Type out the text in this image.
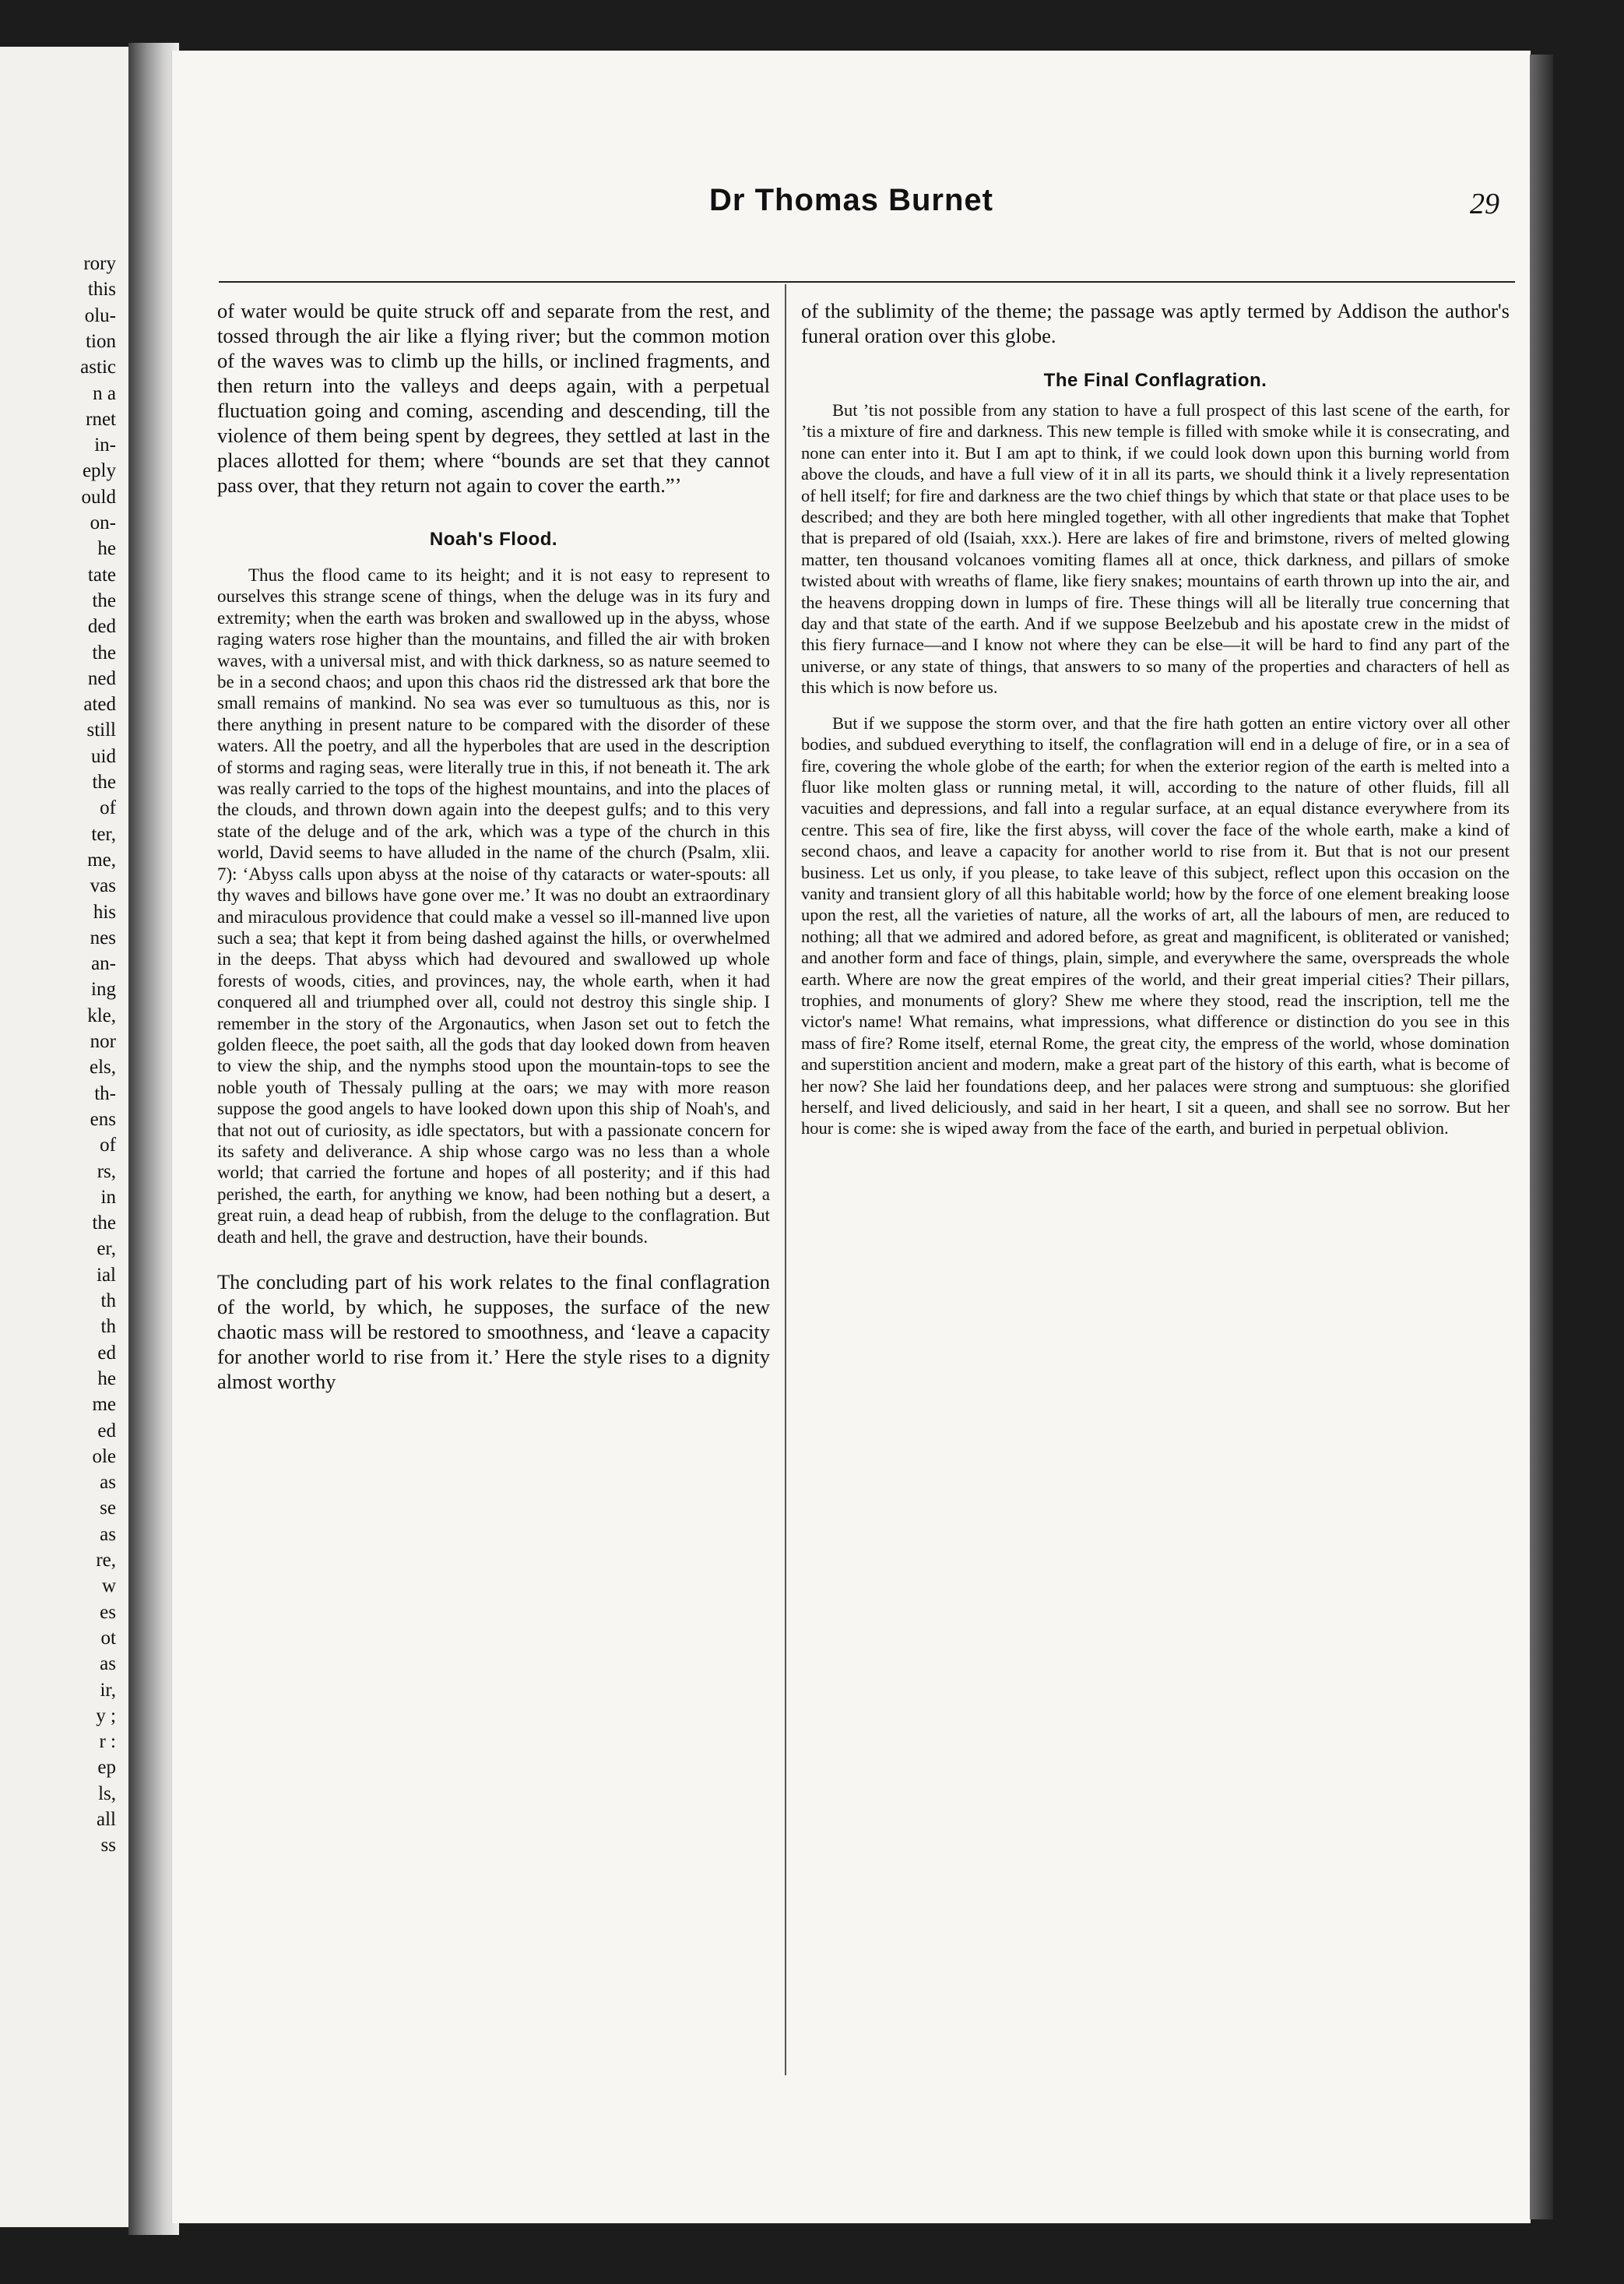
rory
this
olu-
tion
astic
n a
rnet
in-
eply
ould
on-
he
tate
the
ded
the
ned
ated
still
uid
the
of
ter,
me,
vas
his
nes
an-
ing
kle,
nor
els,
th-
ens
of
rs,
in
the
er,
ial
th
th
ed
he
me
ed
ole
as
se
as
re,
w
es
ot
as
ir,
y ;
r :
ep
ls,
all
ss
Dr Thomas Burnet	29

of water would be quite struck off and separate from the rest, and tossed through the air like a flying river; but the common motion of the waves was to climb up the hills, or inclined fragments, and then return into the valleys and deeps again, with a perpetual fluctuation going and coming, ascending and descending, till the violence of them being spent by degrees, they settled at last in the places allotted for them; where “bounds are set that they cannot pass over, that they return not again to cover the earth.”’

Noah's Flood.

Thus the flood came to its height; and it is not easy to represent to ourselves this strange scene of things, when the deluge was in its fury and extremity; when the earth was broken and swallowed up in the abyss, whose raging waters rose higher than the mountains, and filled the air with broken waves, with a universal mist, and with thick darkness, so as nature seemed to be in a second chaos; and upon this chaos rid the distressed ark that bore the small remains of mankind. No sea was ever so tumultuous as this, nor is there anything in present nature to be compared with the disorder of these waters. All the poetry, and all the hyperboles that are used in the description of storms and raging seas, were literally true in this, if not beneath it. The ark was really carried to the tops of the highest mountains, and into the places of the clouds, and thrown down again into the deepest gulfs; and to this very state of the deluge and of the ark, which was a type of the church in this world, David seems to have alluded in the name of the church (Psalm, xlii. 7): ‘Abyss calls upon abyss at the noise of thy cataracts or water-spouts: all thy waves and billows have gone over me.’ It was no doubt an extraordinary and miraculous providence that could make a vessel so ill-manned live upon such a sea; that kept it from being dashed against the hills, or overwhelmed in the deeps. That abyss which had devoured and swallowed up whole forests of woods, cities, and provinces, nay, the whole earth, when it had conquered all and triumphed over all, could not destroy this single ship. I remember in the story of the Argonautics, when Jason set out to fetch the golden fleece, the poet saith, all the gods that day looked down from heaven to view the ship, and the nymphs stood upon the mountain-tops to see the noble youth of Thessaly pulling at the oars; we may with more reason suppose the good angels to have looked down upon this ship of Noah's, and that not out of curiosity, as idle spectators, but with a passionate concern for its safety and deliverance. A ship whose cargo was no less than a whole world; that carried the fortune and hopes of all posterity; and if this had perished, the earth, for anything we know, had been nothing but a desert, a great ruin, a dead heap of rubbish, from the deluge to the conflagration. But death and hell, the grave and destruction, have their bounds.

The concluding part of his work relates to the final conflagration of the world, by which, he supposes, the surface of the new chaotic mass will be restored to smoothness, and ‘leave a capacity for another world to rise from it.’ Here the style rises to a dignity almost worthy

of the sublimity of the theme; the passage was aptly termed by Addison the author's funeral oration over this globe.

The Final Conflagration.

But ’tis not possible from any station to have a full prospect of this last scene of the earth, for ’tis a mixture of fire and darkness. This new temple is filled with smoke while it is consecrating, and none can enter into it. But I am apt to think, if we could look down upon this burning world from above the clouds, and have a full view of it in all its parts, we should think it a lively representation of hell itself; for fire and darkness are the two chief things by which that state or that place uses to be described; and they are both here mingled together, with all other ingredients that make that Tophet that is prepared of old (Isaiah, xxx.). Here are lakes of fire and brimstone, rivers of melted glowing matter, ten thousand volcanoes vomiting flames all at once, thick darkness, and pillars of smoke twisted about with wreaths of flame, like fiery snakes; mountains of earth thrown up into the air, and the heavens dropping down in lumps of fire. These things will all be literally true concerning that day and that state of the earth. And if we suppose Beelzebub and his apostate crew in the midst of this fiery furnace—and I know not where they can be else—it will be hard to find any part of the universe, or any state of things, that answers to so many of the properties and characters of hell as this which is now before us.

But if we suppose the storm over, and that the fire hath gotten an entire victory over all other bodies, and subdued everything to itself, the conflagration will end in a deluge of fire, or in a sea of fire, covering the whole globe of the earth; for when the exterior region of the earth is melted into a fluor like molten glass or running metal, it will, according to the nature of other fluids, fill all vacuities and depressions, and fall into a regular surface, at an equal distance everywhere from its centre. This sea of fire, like the first abyss, will cover the face of the whole earth, make a kind of second chaos, and leave a capacity for another world to rise from it. But that is not our present business. Let us only, if you please, to take leave of this subject, reflect upon this occasion on the vanity and transient glory of all this habitable world; how by the force of one element breaking loose upon the rest, all the varieties of nature, all the works of art, all the labours of men, are reduced to nothing; all that we admired and adored before, as great and magnificent, is obliterated or vanished; and another form and face of things, plain, simple, and everywhere the same, overspreads the whole earth. Where are now the great empires of the world, and their great imperial cities? Their pillars, trophies, and monuments of glory? Shew me where they stood, read the inscription, tell me the victor's name! What remains, what impressions, what difference or distinction do you see in this mass of fire? Rome itself, eternal Rome, the great city, the empress of the world, whose domination and superstition ancient and modern, make a great part of the history of this earth, what is become of her now? She laid her foundations deep, and her palaces were strong and sumptuous: she glorified herself, and lived deliciously, and said in her heart, I sit a queen, and shall see no sorrow. But her hour is come: she is wiped away from the face of the earth, and buried in perpetual oblivion.
